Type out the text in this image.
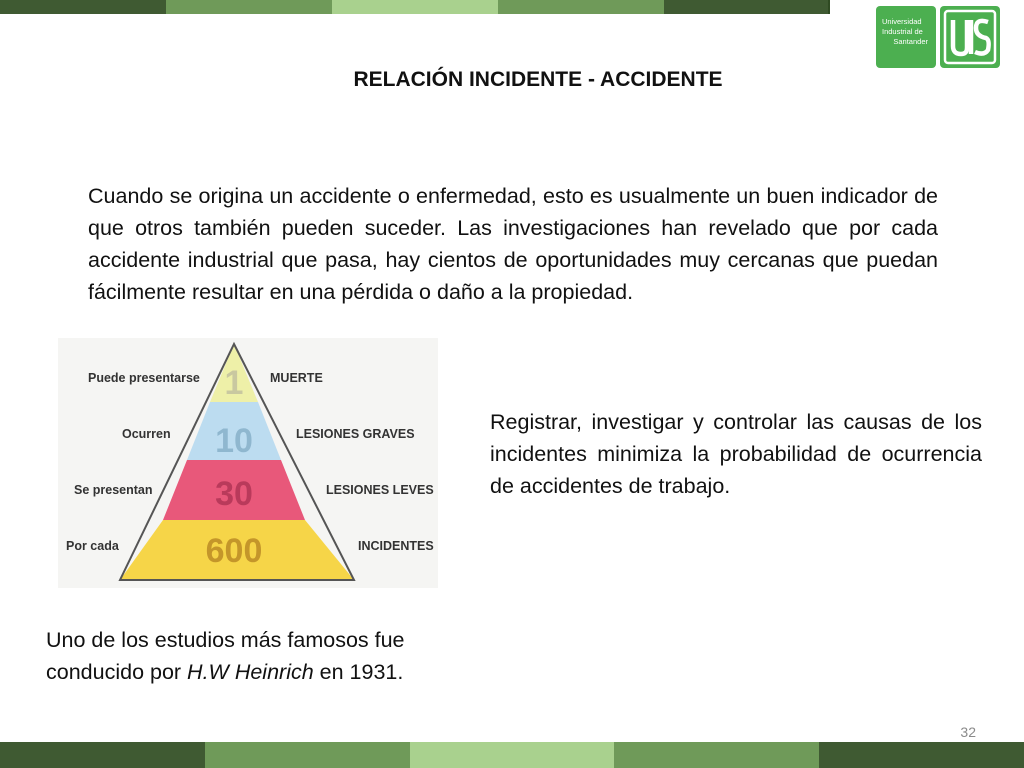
Universidad
Industrial de
Santander
RELACIÓN INCIDENTE - ACCIDENTE
Cuando se origina un accidente o enfermedad, esto es usualmente un buen indicador de que otros también pueden suceder. Las investigaciones han revelado que por cada accidente industrial que pasa, hay cientos de oportunidades muy cercanas que puedan fácilmente resultar en una pérdida o daño a la propiedad.
1
10
30
600
Puede presentarse
Ocurren
Se presentan
Por cada
MUERTE
LESIONES GRAVES
LESIONES LEVES
INCIDENTES
Registrar, investigar y controlar las causas de los incidentes minimiza la probabilidad de ocurrencia de accidentes de trabajo.
Uno de los estudios más famosos fue conducido por H.W Heinrich en 1931.
32
